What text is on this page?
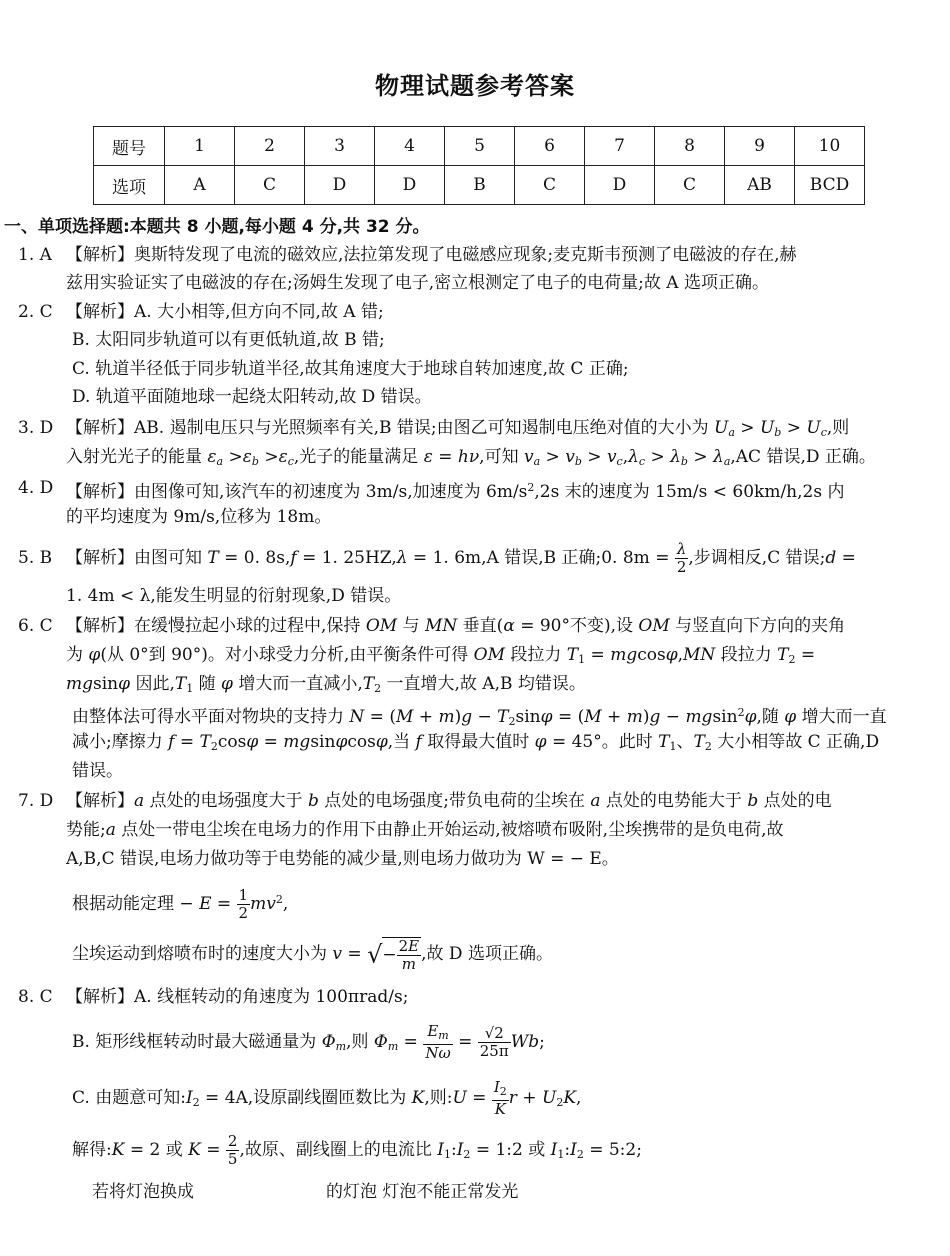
物理试题参考答案
题号	1	2	3	4	5	6	7	8	9	10
选项	A	C	D	D	B	C	D	C	AB	BCD
一、单项选择题:本题共 8 小题,每小题 4 分,共 32 分。
1. A 【解析】奥斯特发现了电流的磁效应,法拉第发现了电磁感应现象;麦克斯韦预测了电磁波的存在,赫
兹用实验证实了电磁波的存在;汤姆生发现了电子,密立根测定了电子的电荷量;故 A 选项正确。
2. C 【解析】A. 大小相等,但方向不同,故 A 错;
B. 太阳同步轨道可以有更低轨道,故 B 错;
C. 轨道半径低于同步轨道半径,故其角速度大于地球自转加速度,故 C 正确;
D. 轨道平面随地球一起绕太阳转动,故 D 错误。
3. D 【解析】AB. 遏制电压只与光照频率有关,B 错误;由图乙可知遏制电压绝对值的大小为 $U_a > U_b > U_c$,则
入射光光子的能量 $\varepsilon_a >\varepsilon_b >\varepsilon_c$,光子的能量满足 ε = hν,可知 $v_a > v_b > v_c,\lambda_c > \lambda_b > \lambda_a,AC$ 错误,D 正确。
4. D 【解析】由图像可知,该汽车的初速度为 3m/s,加速度为 $6m/s^2,2s$ 末的速度为 15m/s < 60km/h,2s 内
的平均速度为 9m/s,位移为 18m。
5. B 【解析】由图可知 T = 0. 8s,f = 1. 25HZ,λ = 1. 6m,A 错误,B 正确;0. $8m = \frac{\lambda}{2}$ ,步调相反,C 错误;d =
1. 4m < λ,能发生明显的衍射现象,D 错误。
6. C 【解析】在缓慢拉起小球的过程中,保持 OM 与 MN 垂直(α = 90°不变),设 OM 与竖直向下方向的夹角
为 φ(从 0°到 90°)。对小球受力分析,由平衡条件可得 OM 段拉力 $T_1 = mgcos\varphi,MN$ 段拉力 $T_2$ =
mgsinφ 因此$,T_1$ 随 φ 增大而一直减小$,T_2$ 一直增大,故 A,B 均错误。
由整体法可得水平面对物块的支持力 $N = (M + m)g - T_2\sin\varphi = (M + m)g - mgsin^2\varphi$,随 φ 增大而一直
减小;摩擦力 $f = T_2\cos\varphi = mgsin\varphi\cos\varphi$,当 f 取得最大值时 φ = 45°。此时 $T_1$、$T_2$ 大小相等故 C 正确,D
错误。
7. D 【解析】a 点处的电场强度大于 b 点处的电场强度;带负电荷的尘埃在 a 点处的电势能大于 b 点处的电
势能;a 点处一带电尘埃在电场力的作用下由静止开始运动,被熔喷布吸附,尘埃携带的是负电荷,故
A,B,C 错误,电场力做功等于电势能的减少量,则电场力做功为 W = − E。
根据动能定理 − $E = \frac{1}{2} mv^2$,
尘埃运动到熔喷布时的速度大小为 v = √− $\frac{2E}{m}$ ,故 D 选项正确。
8. C 【解析】A. 线框转动的角速度为 100πrad/s;
B. 矩形线框转动时最大磁通量为 $\Phi_m$,则 $\Phi_m = \frac{E_m}{N\omega} = \frac{√2}{25\pi} Wb$;
C. 由题意可知$:I_2 = 4A$,设原副线圈匝数比为 K,则:U = $\frac{I_2}{K}$ $r + U_2K$,
解得:K = 2 或 $K = \frac{2}{5}$ ,故原、副线圈上的电流比 $I_1:I_2$ = 1:2 或 $I_1:I_2$ = 5:2;
若将灯泡换成	的灯泡 灯泡不能正常发光
